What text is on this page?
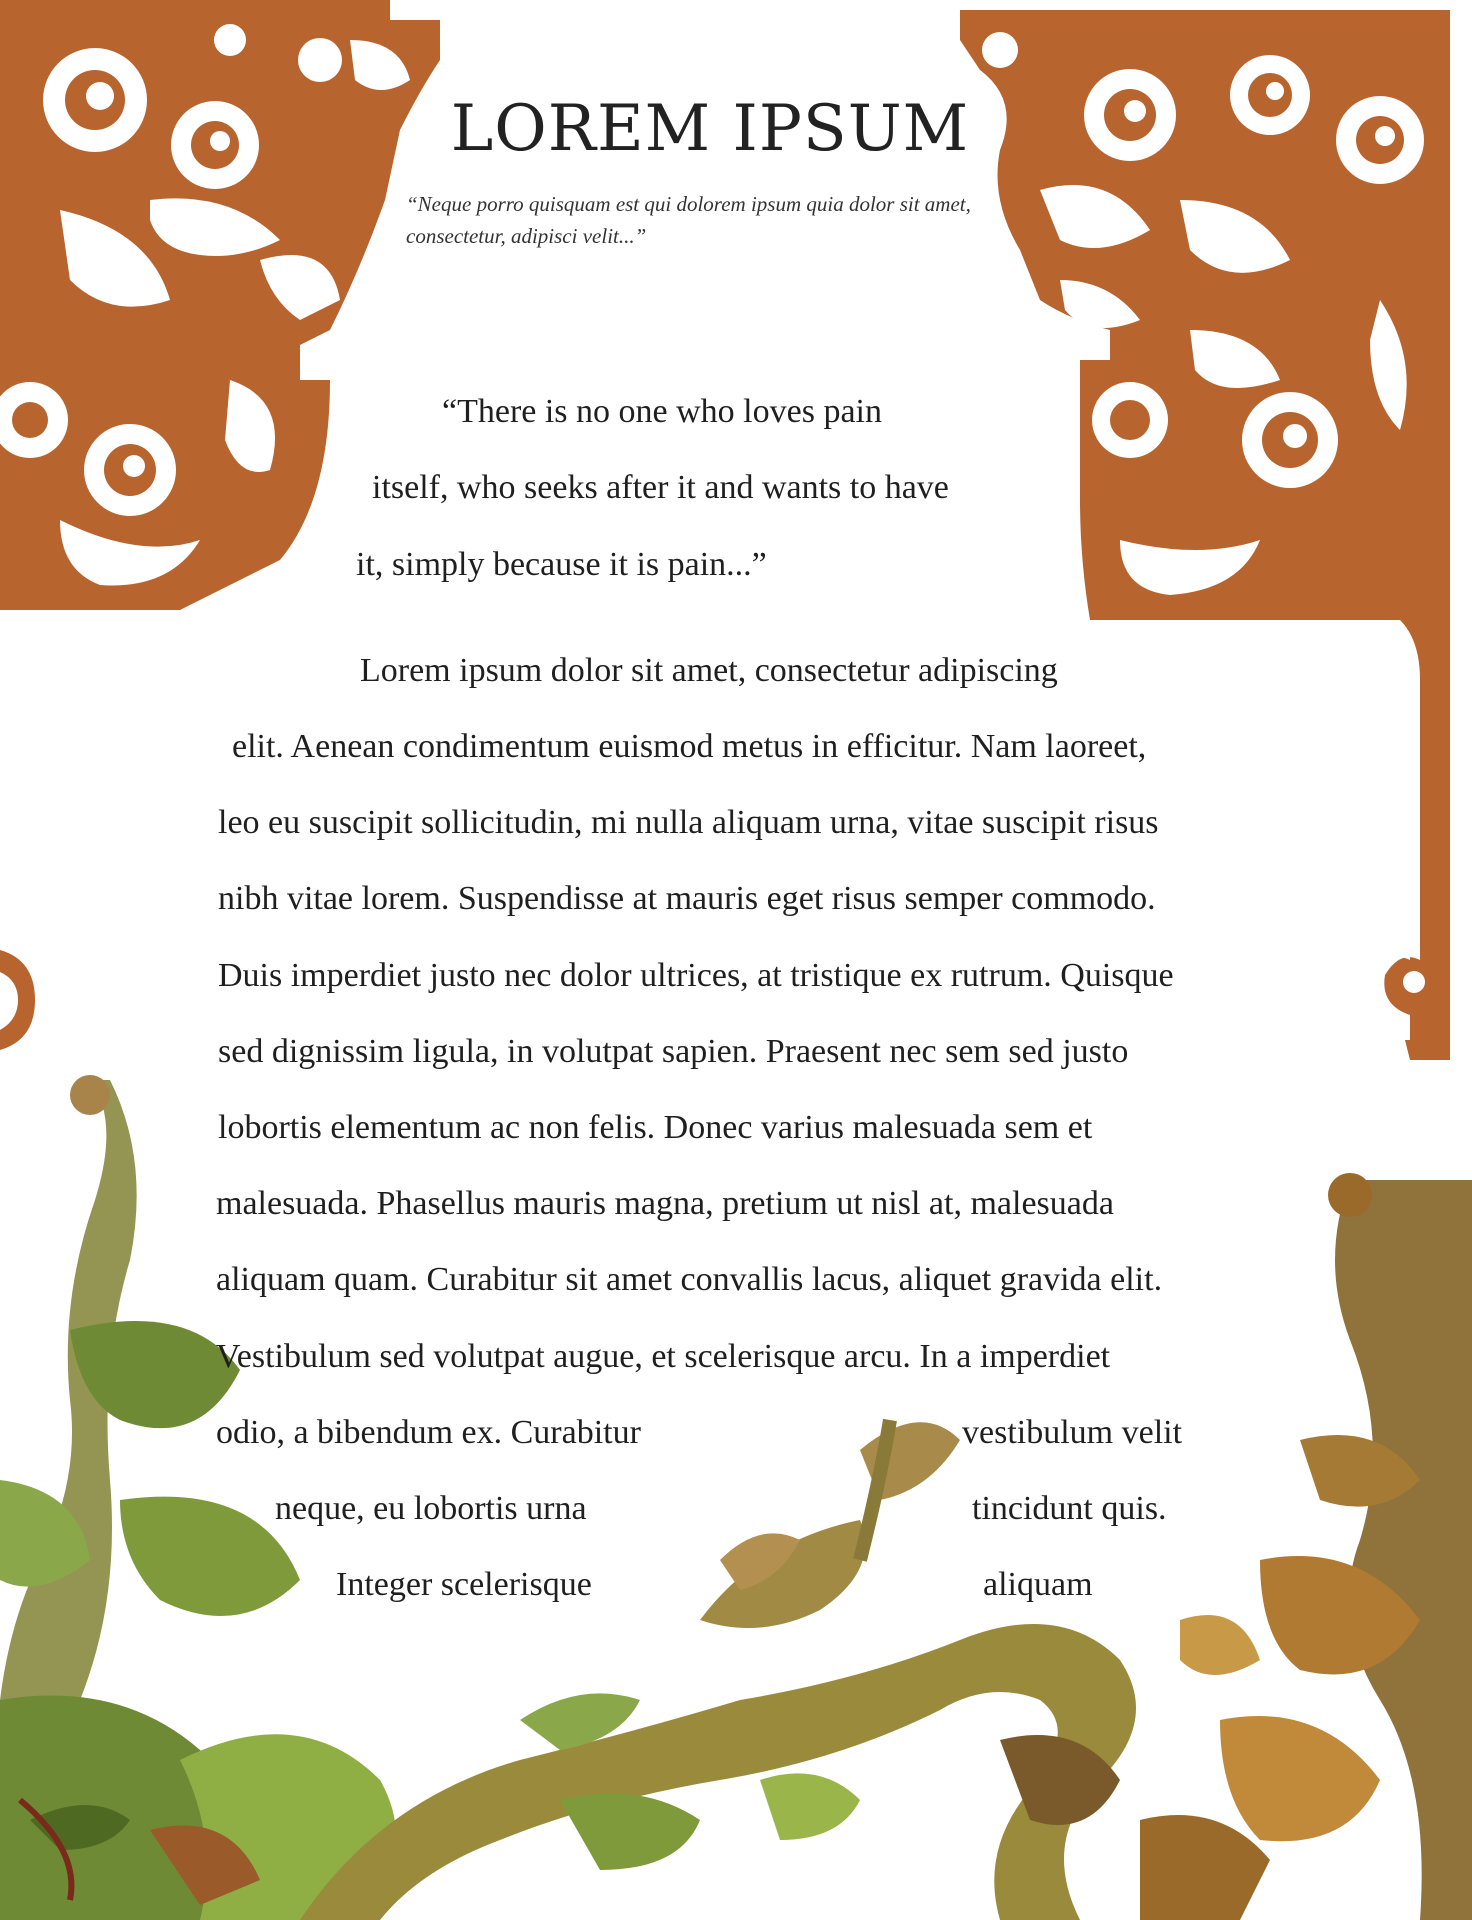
LOREM IPSUM

“Neque porro quisquam est qui dolorem ipsum quia dolor sit amet, consectetur, adipisci velit...”

“There is no one who loves pain

itself, who seeks after it and wants to have

it, simply because it is pain...”

Lorem ipsum dolor sit amet, consectetur adipiscing

elit. Aenean condimentum euismod metus in efficitur. Nam laoreet,

leo eu suscipit sollicitudin, mi nulla aliquam urna, vitae suscipit risus

nibh vitae lorem. Suspendisse at mauris eget risus semper commodo.

Duis imperdiet justo nec dolor ultrices, at tristique ex rutrum. Quisque

sed dignissim ligula, in volutpat sapien. Praesent nec sem sed justo

lobortis elementum ac non felis. Donec varius malesuada sem et

malesuada. Phasellus mauris magna, pretium ut nisl at, malesuada

aliquam quam. Curabitur sit amet convallis lacus, aliquet gravida elit.

Vestibulum sed volutpat augue, et scelerisque arcu. In a imperdiet

odio, a bibendum ex. Curabitur	vestibulum velit

neque, eu lobortis urna	tincidunt quis.

Integer scelerisque	aliquam
